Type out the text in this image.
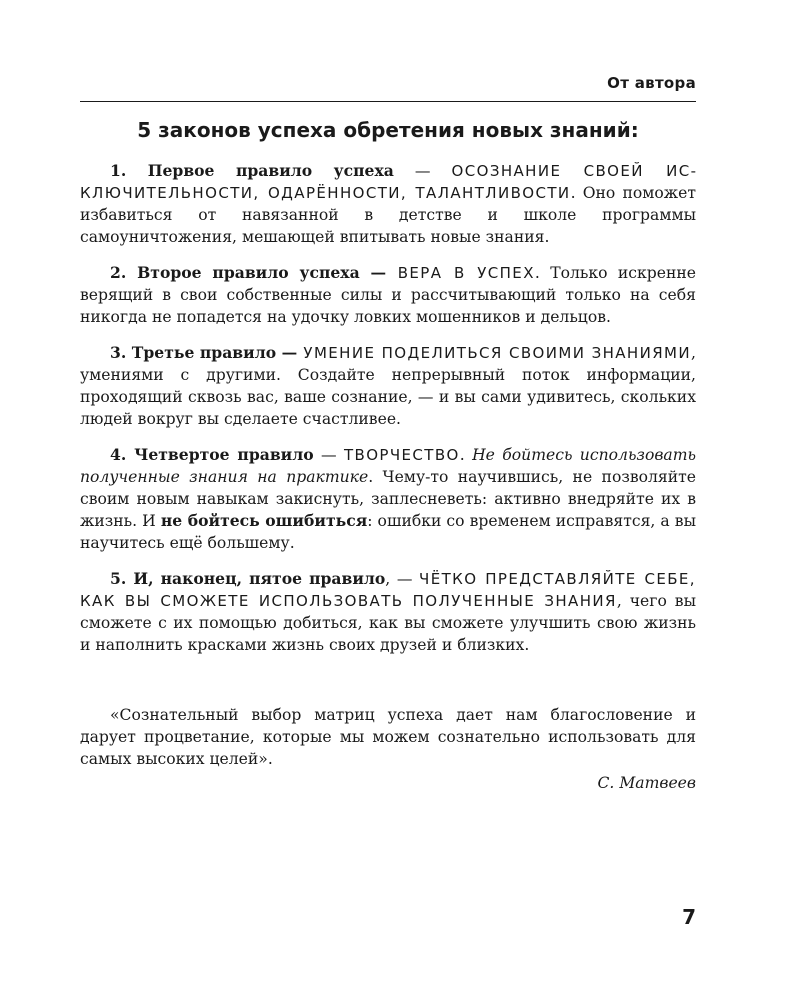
От автора
5 законов успеха обретения новых знаний:

1. Первое правило успеха — ОСОЗНАНИЕ СВОЕЙ ИСКЛЮЧИТЕЛЬНОСТИ, ОДАРЁННОСТИ, ТАЛАНТЛИВОСТИ. Оно поможет избавиться от навязанной в детстве и школе программы самоуничтожения, мешающей впитывать новые знания.

2. Второе правило успеха — ВЕРА В УСПЕХ. Только искренне верящий в свои собственные силы и рассчитывающий только на себя никогда не попадется на удочку ловких мошенников и дельцов.

3. Третье правило — УМЕНИЕ ПОДЕЛИТЬСЯ СВОИМИ ЗНАНИЯМИ, умениями с другими. Создайте непрерывный поток информации, проходящий сквозь вас, ваше сознание, — и вы сами удивитесь, скольких людей вокруг вы сделаете счастливее.

4. Четвертое правило — ТВОРЧЕСТВО. Не бойтесь использовать полученные знания на практике. Чему-то научившись, не позволяйте своим новым навыкам закиснуть, заплесневеть: активно внедряйте их в жизнь. И не бойтесь ошибиться: ошибки со временем исправятся, а вы научитесь ещё большему.

5. И, наконец, пятое правило, — ЧЁТКО ПРЕДСТАВЛЯЙТЕ СЕБЕ, КАК ВЫ СМОЖЕТЕ ИСПОЛЬЗОВАТЬ ПОЛУЧЕННЫЕ ЗНАНИЯ, чего вы сможете с их помощью добиться, как вы сможете улучшить свою жизнь и наполнить красками жизнь своих друзей и близких.

«Сознательный выбор матриц успеха дает нам благословение и дарует процветание, которые мы можем сознательно использовать для самых высоких целей».

С. Матвеев

7
